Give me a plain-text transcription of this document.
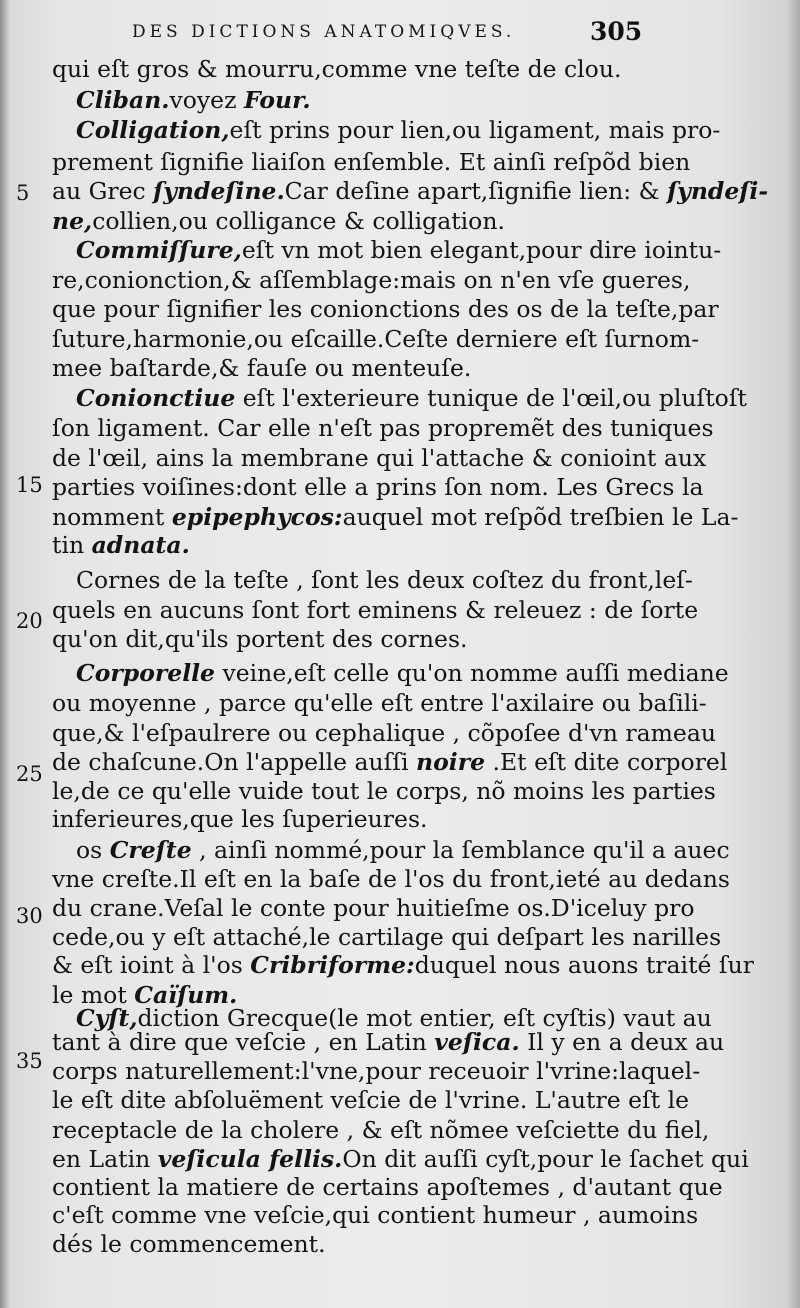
DES DICTIONS ANATOMIQVES.	305
5
15
20
25
30
35
qui eſt gros & mourru,comme vne teſte de clou.
Cliban.voyez Four.
Colligation,eſt prins pour lien,ou ligament, mais pro-
prement ſignifie liaiſon enſemble. Et ainſi reſpõd bien
au Grec ſyndeſine.Car deſine apart,ſignifie lien: & ſyndeſi-
ne,collien,ou colligance & colligation.
Commiſſure,eſt vn mot bien elegant,pour dire iointu-
re,conionction,& aſſemblage:mais on n'en vſe gueres,
que pour ſignifier les conionctions des os de la teſte,par
ſuture,harmonie,ou eſcaille.Ceſte derniere eſt ſurnom-
mee baſtarde,& fauſe ou menteuſe.
Conionctiue eſt l'exterieure tunique de l'œil,ou pluſtoſt
ſon ligament. Car elle n'eſt pas propremẽt des tuniques
de l'œil, ains la membrane qui l'attache & conioint aux
parties voiſines:dont elle a prins ſon nom. Les Grecs la
nomment epipephycos:auquel mot reſpõd treſbien le La-
tin adnata.
Cornes de la teſte , ſont les deux coſtez du front,leſ-
quels en aucuns ſont fort eminens & releuez : de ſorte
qu'on dit,qu'ils portent des cornes.
Corporelle veine,eſt celle qu'on nomme auſſi mediane
ou moyenne , parce qu'elle eſt entre l'axilaire ou baſili-
que,& l'eſpaulrere ou cephalique , cõpoſee d'vn rameau
de chaſcune.On l'appelle auſſi noire .Et eſt dite corporel
le,de ce qu'elle vuide tout le corps, nõ moins les parties
inferieures,que les ſuperieures.
os Creſte , ainſi nommé,pour la ſemblance qu'il a auec
vne creſte.Il eſt en la baſe de l'os du front,ieté au dedans
du crane.Veſal le conte pour huitieſme os.D'iceluy pro
cede,ou y eſt attaché,le cartilage qui deſpart les narilles
& eſt ioint à l'os Cribriforme:duquel nous auons traité ſur
le mot Caïſum.
Cyſt,diction Grecque(le mot entier, eſt cyſtis) vaut au
tant à dire que veſcie , en Latin veſica. Il y en a deux au
corps naturellement:l'vne,pour receuoir l'vrine:laquel-
le eſt dite abſoluëment veſcie de l'vrine. L'autre eſt le
receptacle de la cholere , & eſt nõmee veſciette du fiel,
en Latin veſicula fellis.On dit auſſi cyſt,pour le ſachet qui
contient la matiere de certains apoſtemes , d'autant que
c'eſt comme vne veſcie,qui contient humeur , aumoins
dés le commencement.
